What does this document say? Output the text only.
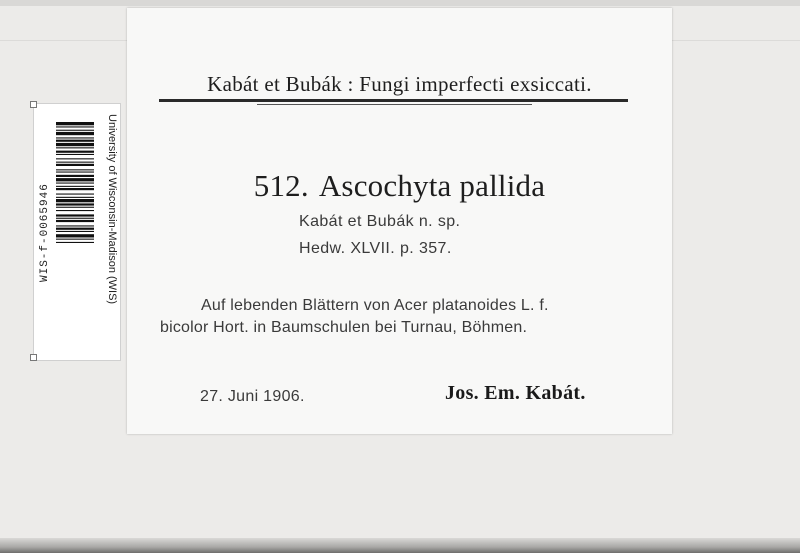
WIS-f-0065946	University of Wisconsin-Madison (WIS)
Kabát et Bubák : Fungi imperfecti exsiccati.
512. Ascochyta pallida
Kabát et Bubák n. sp.
Hedw. XLVII. p. 357.
Auf lebenden Blättern von Acer platanoides L. f.
bicolor Hort. in Baumschulen bei Turnau, Böhmen.
27. Juni 1906.	Jos. Em. Kabát.
